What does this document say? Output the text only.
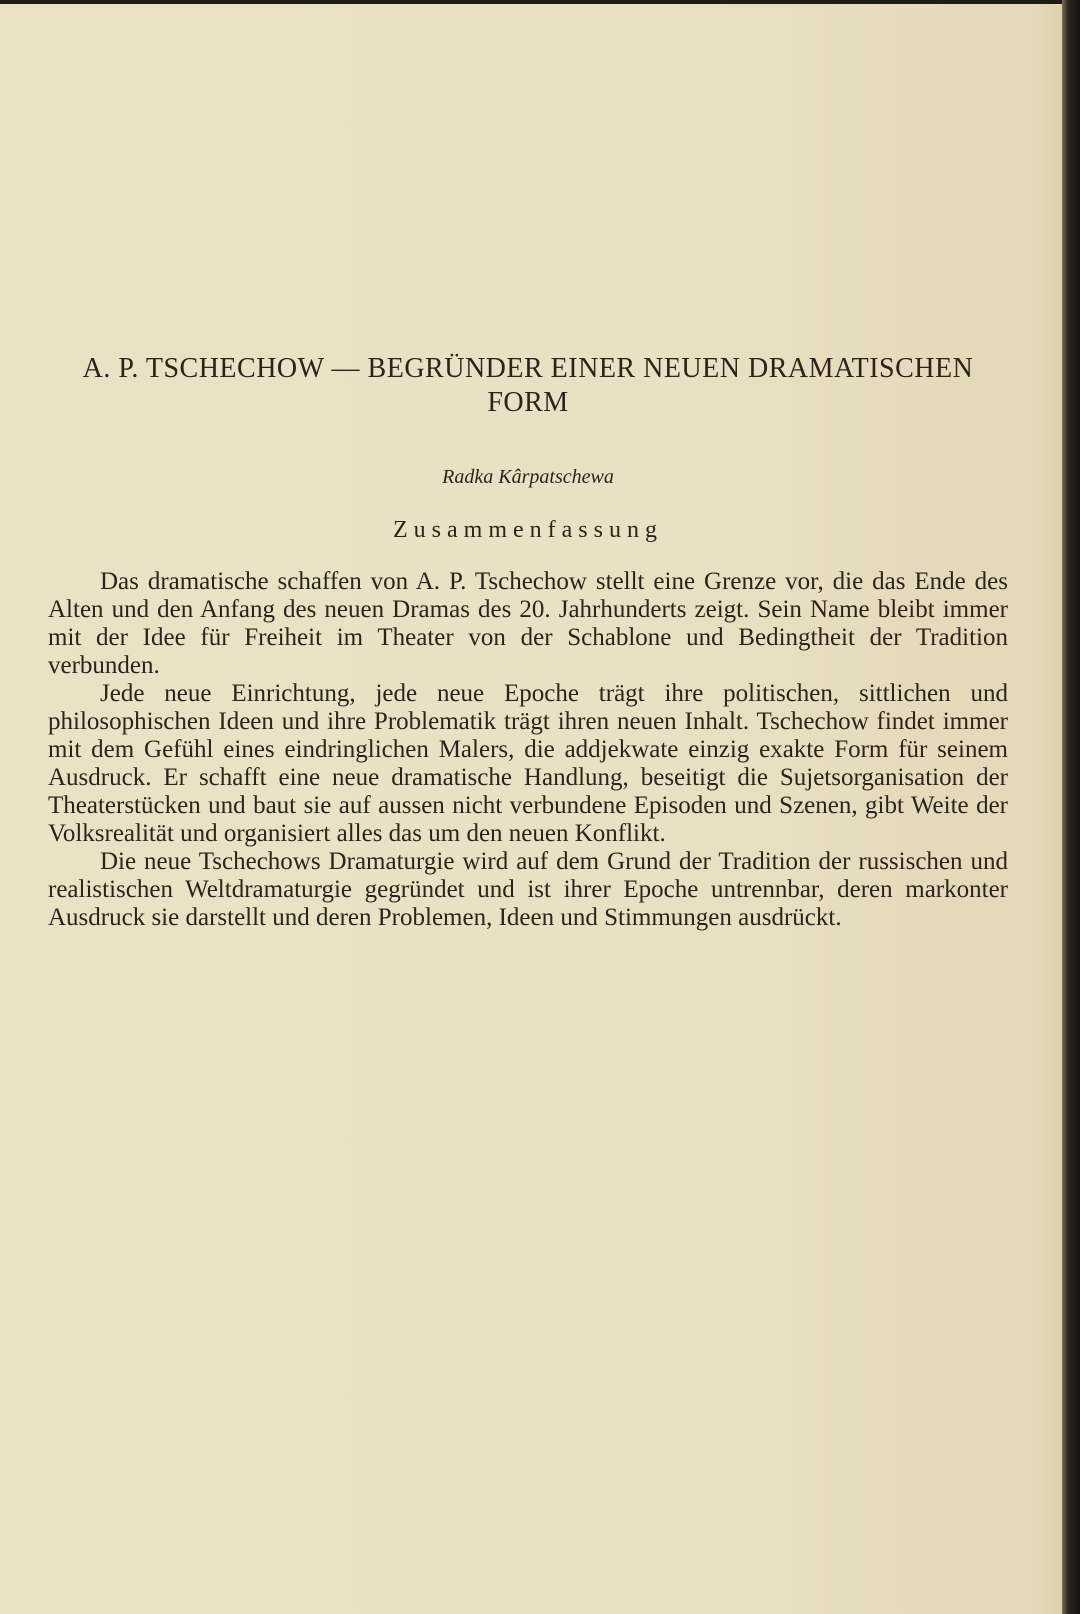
A. P. TSCHECHOW — BEGRÜNDER EINER NEUEN DRAMATISCHEN
FORM
Radka Kârpatschewa
Zusammenfassung

Das dramatische schaffen von A. P. Tschechow stellt eine Grenze vor, die das Ende des Alten und den Anfang des neuen Dramas des 20. Jahrhunderts zeigt. Sein Name bleibt immer mit der Idee für Freiheit im Theater von der Schablone und Bedingtheit der Tradition verbunden.

Jede neue Einrichtung, jede neue Epoche trägt ihre politischen, sittlichen und philosophischen Ideen und ihre Problematik trägt ihren neuen Inhalt. Tschechow findet immer mit dem Gefühl eines eindringlichen Malers, die addjekwate einzig exakte Form für seinem Ausdruck. Er schafft eine neue dramatische Handlung, beseitigt die Sujetsorganisation der Theaterstücken und baut sie auf aussen nicht verbundene Episoden und Szenen, gibt Weite der Volksrealität und organisiert alles das um den neuen Konflikt.

Die neue Tschechows Dramaturgie wird auf dem Grund der Tradition der russischen und realistischen Weltdramaturgie gegründet und ist ihrer Epoche untrennbar, deren markonter Ausdruck sie darstellt und deren Problemen, Ideen und Stimmungen ausdrückt.
